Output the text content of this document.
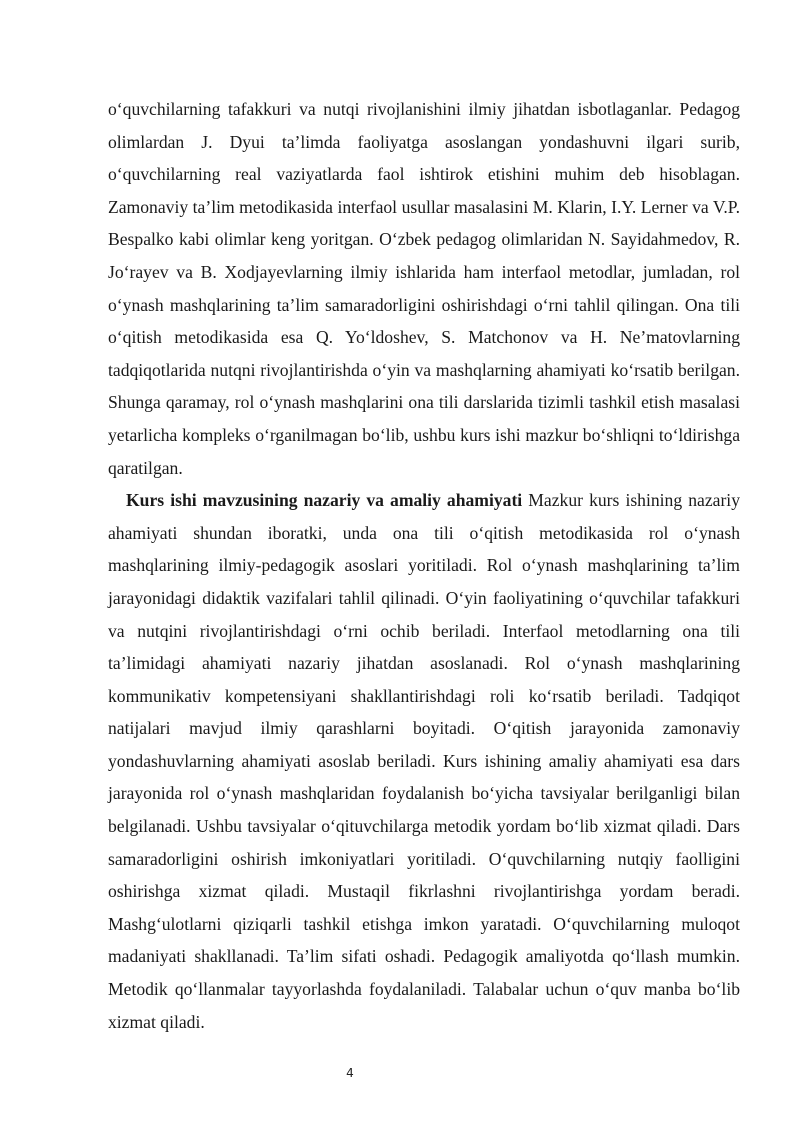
o‘quvchilarning tafakkuri va nutqi rivojlanishini ilmiy jihatdan isbotlaganlar. Pedagog olimlardan J. Dyui ta’limda faoliyatga asoslangan yondashuvni ilgari surib, o‘quvchilarning real vaziyatlarda faol ishtirok etishini muhim deb hisoblagan. Zamonaviy ta’lim metodikasida interfaol usullar masalasini M. Klarin, I.Y. Lerner va V.P. Bespalko kabi olimlar keng yoritgan. O‘zbek pedagog olimlaridan N. Sayidahmedov, R. Jo‘rayev va B. Xodjayevlarning ilmiy ishlarida ham interfaol metodlar, jumladan, rol o‘ynash mashqlarining ta’lim samaradorligini oshirishdagi o‘rni tahlil qilingan. Ona tili o‘qitish metodikasida esa Q. Yo‘ldoshev, S. Matchonov va H. Ne’matovlarning tadqiqotlarida nutqni rivojlantirishda o‘yin va mashqlarning ahamiyati ko‘rsatib berilgan. Shunga qaramay, rol o‘ynash mashqlarini ona tili darslarida tizimli tashkil etish masalasi yetarlicha kompleks o‘rganilmagan bo‘lib, ushbu kurs ishi mazkur bo‘shliqni to‘ldirishga qaratilgan.

Kurs ishi mavzusining nazariy va amaliy ahamiyati Mazkur kurs ishining nazariy ahamiyati shundan iboratki, unda ona tili o‘qitish metodikasida rol o‘ynash mashqlarining ilmiy-pedagogik asoslari yoritiladi. Rol o‘ynash mashqlarining ta’lim jarayonidagi didaktik vazifalari tahlil qilinadi. O‘yin faoliyatining o‘quvchilar tafakkuri va nutqini rivojlantirishdagi o‘rni ochib beriladi. Interfaol metodlarning ona tili ta’limidagi ahamiyati nazariy jihatdan asoslanadi. Rol o‘ynash mashqlarining kommunikativ kompetensiyani shakllantirishdagi roli ko‘rsatib beriladi. Tadqiqot natijalari mavjud ilmiy qarashlarni boyitadi. O‘qitish jarayonida zamonaviy yondashuvlarning ahamiyati asoslab beriladi. Kurs ishining amaliy ahamiyati esa dars jarayonida rol o‘ynash mashqlaridan foydalanish bo‘yicha tavsiyalar berilganligi bilan belgilanadi. Ushbu tavsiyalar o‘qituvchilarga metodik yordam bo‘lib xizmat qiladi. Dars samaradorligini oshirish imkoniyatlari yoritiladi. O‘quvchilarning nutqiy faolligini oshirishga xizmat qiladi. Mustaqil fikrlashni rivojlantirishga yordam beradi. Mashg‘ulotlarni qiziqarli tashkil etishga imkon yaratadi. O‘quvchilarning muloqot madaniyati shakllanadi. Ta’lim sifati oshadi. Pedagogik amaliyotda qo‘llash mumkin. Metodik qo‘llanmalar tayyorlashda foydalaniladi. Talabalar uchun o‘quv manba bo‘lib xizmat qiladi.

4
